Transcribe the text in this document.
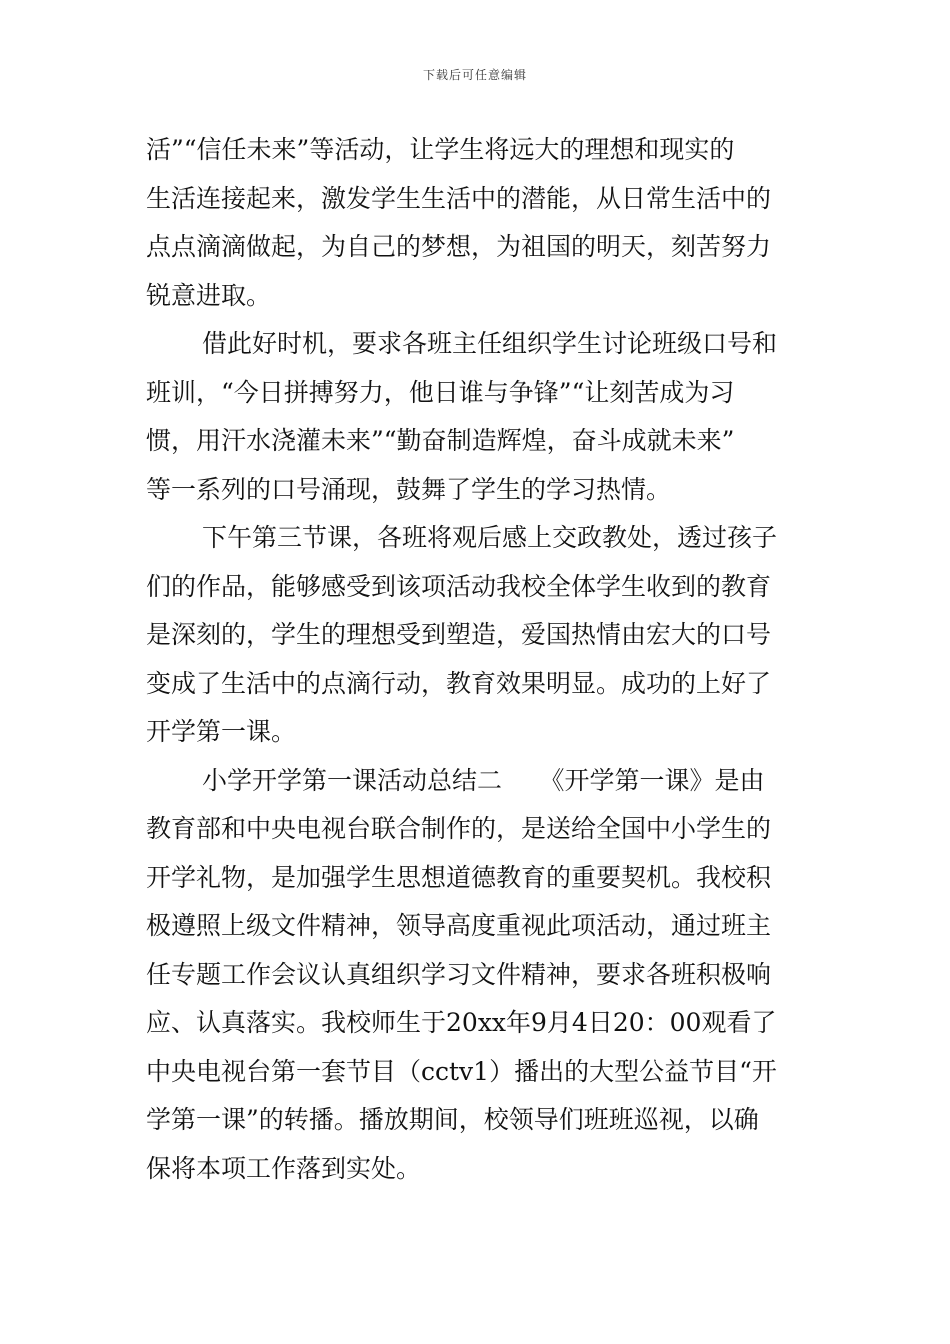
下载后可任意编辑
活”“信任未来”等活动，让学生将远大的理想和现实的
生活连接起来，激发学生生活中的潜能，从日常生活中的
点点滴滴做起，为自己的梦想，为祖国的明天，刻苦努力
锐意进取。
借此好时机，要求各班主任组织学生讨论班级口号和
班训，“今日拼搏努力，他日谁与争锋”“让刻苦成为习
惯，用汗水浇灌未来”“勤奋制造辉煌，奋斗成就未来”
等一系列的口号涌现，鼓舞了学生的学习热情。
下午第三节课，各班将观后感上交政教处，透过孩子
们的作品，能够感受到该项活动我校全体学生收到的教育
是深刻的，学生的理想受到塑造，爱国热情由宏大的口号
变成了生活中的点滴行动，教育效果明显。成功的上好了
开学第一课。
小学开学第一课活动总结二　　《开学第一课》是由
教育部和中央电视台联合制作的，是送给全国中小学生的
开学礼物，是加强学生思想道德教育的重要契机。我校积
极遵照上级文件精神，领导高度重视此项活动，通过班主
任专题工作会议认真组织学习文件精神，要求各班积极响
应、认真落实。我校师生于20xx年9月4日20：00观看了
中央电视台第一套节目（cctv1）播出的大型公益节目“开
学第一课”的转播。播放期间，校领导们班班巡视，以确
保将本项工作落到实处。
